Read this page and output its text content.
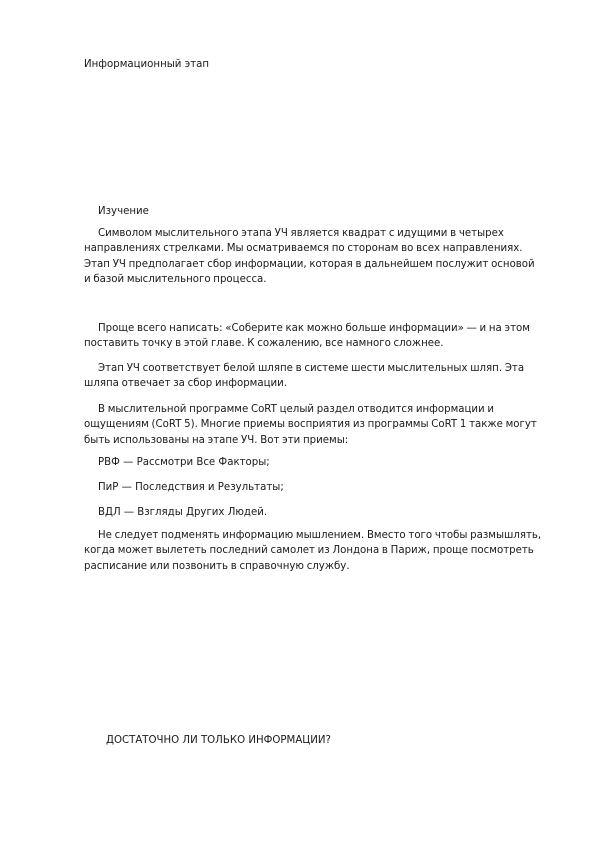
Информационный этап
Изучение

Символом мыслительного этапа УЧ является квадрат с идущими в четырех направлениях стрелками. Мы осматриваемся по сторонам во всех направлениях. Этап УЧ предполагает сбор информации, которая в дальнейшем послужит основой и базой мыслительного процесса.

Проще всего написать: «Соберите как можно больше информации» — и на этом поставить точку в этой главе. К сожалению, все намного сложнее.

Этап УЧ соответствует белой шляпе в системе шести мыслительных шляп. Эта шляпа отвечает за сбор информации.

В мыслительной программе CoRT целый раздел отводится информации и ощущениям (CoRT 5). Многие приемы восприятия из программы CoRT 1 также могут быть использованы на этапе УЧ. Вот эти приемы:

РВФ — Рассмотри Все Факторы;
ПиР — Последствия и Результаты;
ВДЛ — Взгляды Других Людей.

Не следует подменять информацию мышлением. Вместо того чтобы размышлять, когда может вылететь последний самолет из Лондона в Париж, проще посмотреть расписание или позвонить в справочную службу.

ДОСТАТОЧНО ЛИ ТОЛЬКО ИНФОРМАЦИИ?
